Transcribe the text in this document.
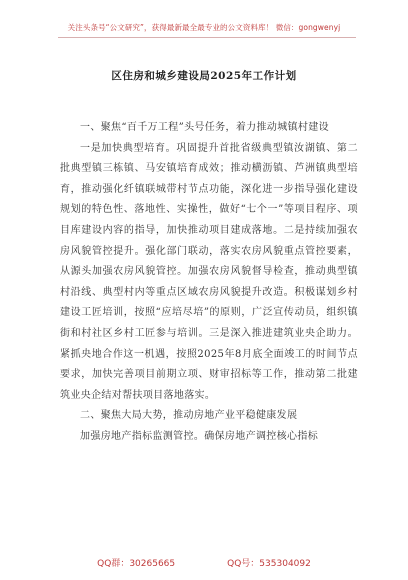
关注头条号“公文研究”，获得最新最全最专业的公文资料库！ 微信：gongwenyj
区住房和城乡建设局2025年工作计划

一、聚焦“百千万工程”头号任务，着力推动城镇村建设

一是加快典型培育。巩固提升首批省级典型镇汝湖镇、第二批典型镇三栋镇、马安镇培育成效；推动横沥镇、芦洲镇典型培育，推动强化纤镇联城带村节点功能，深化进一步指导强化建设规划的特色性、落地性、实操性，做好“七个一”等项目程序、项目库建设内容的指导，加快推动项目建成落地。二是持续加强农房风貌管控提升。强化部门联动，落实农房风貌重点管控要素，从源头加强农房风貌管控。加强农房风貌督导检查，推动典型镇村沿线、典型村内等重点区域农房风貌提升改造。积极谋划乡村建设工匠培训，按照“应培尽培”的原则，广泛宣传动员，组织镇街和村社区乡村工匠参与培训。三是深入推进建筑业央企助力。紧抓央地合作这一机遇，按照2025年8月底全面竣工的时间节点要求，加快完善项目前期立项、财审招标等工作，推动第二批建筑业央企结对帮扶项目落地落实。

二、聚焦大局大势，推动房地产业平稳健康发展

加强房地产指标监测管控。确保房地产调控核心指标

QQ群：30265665	QQ号：535304092
